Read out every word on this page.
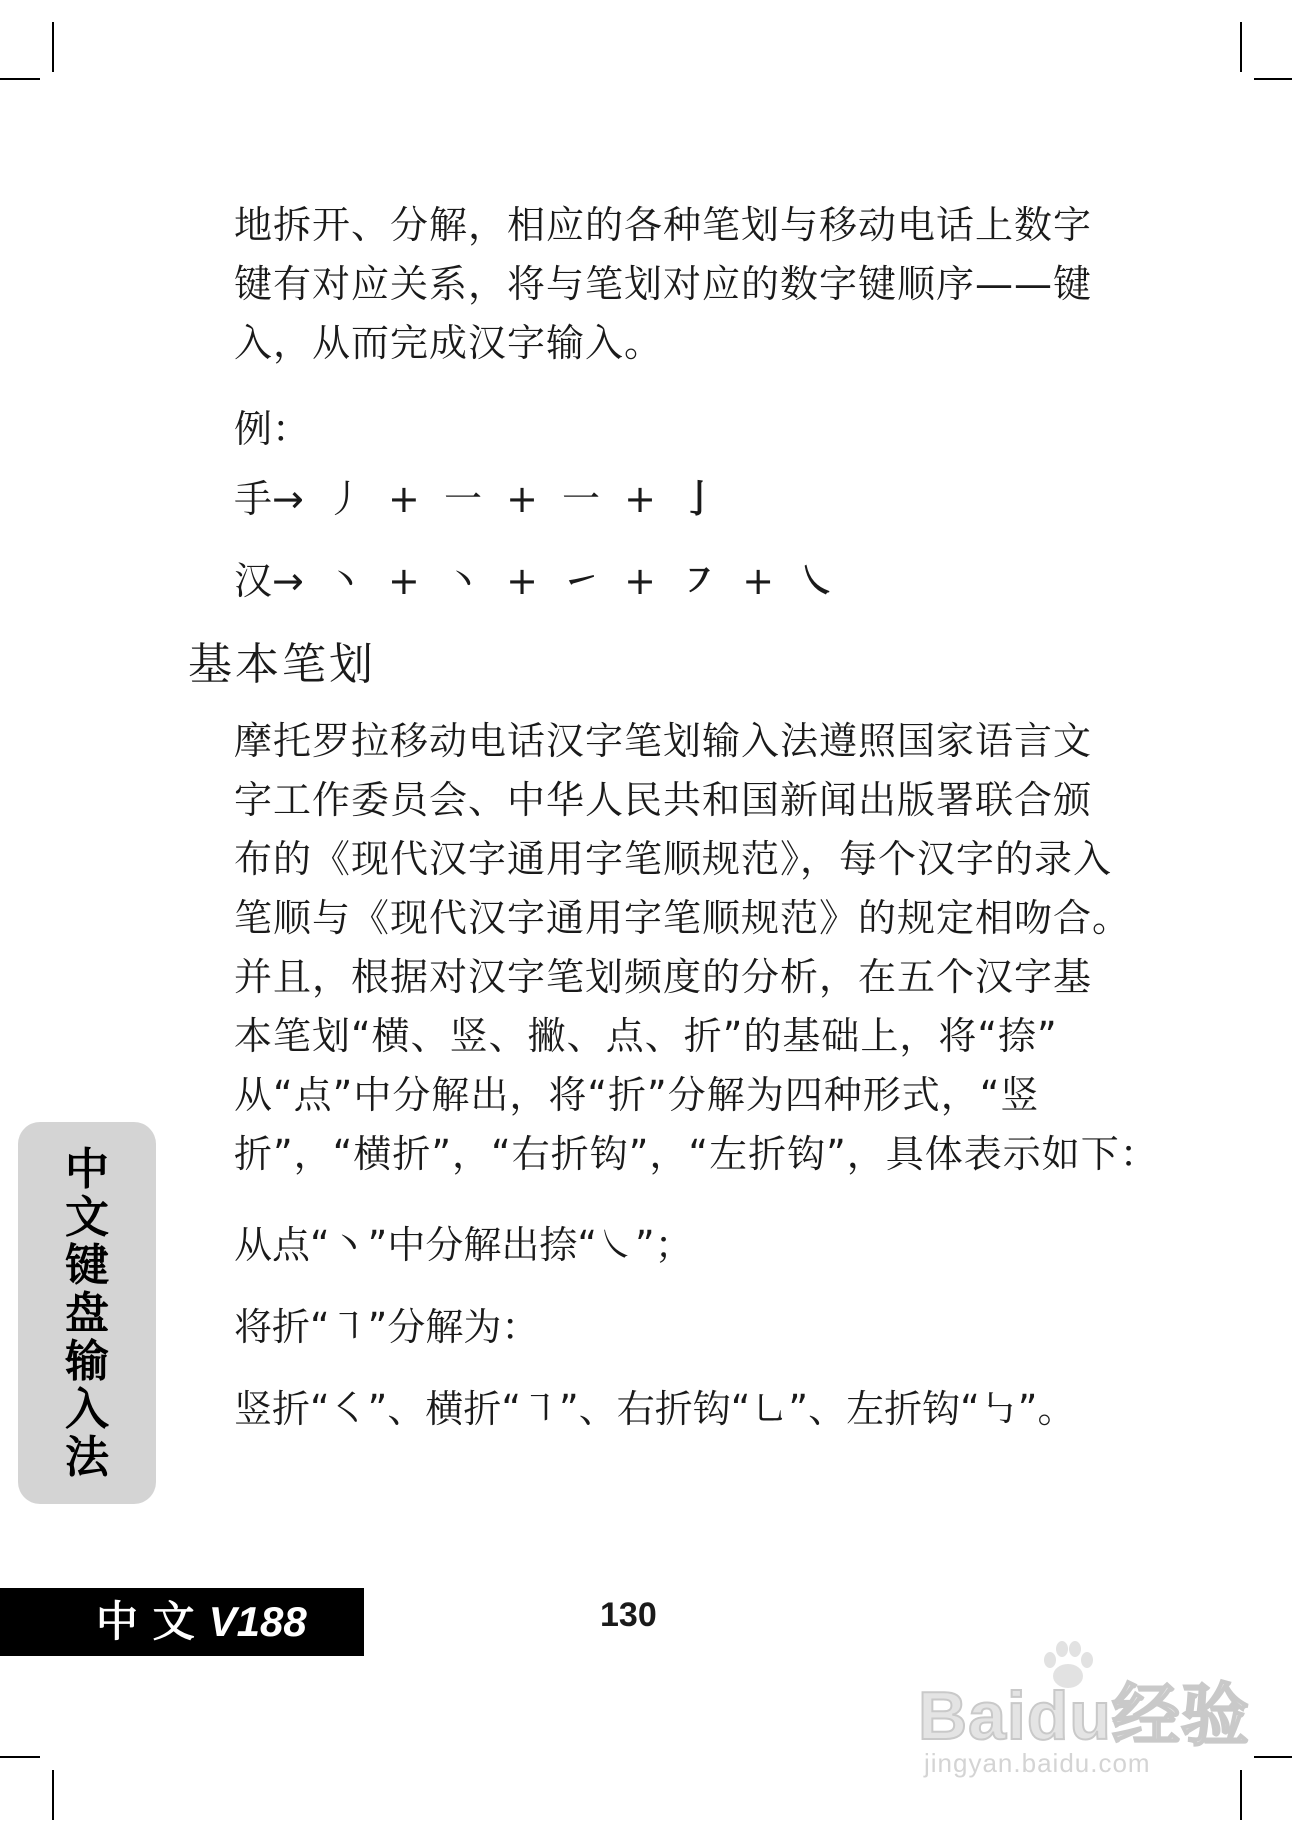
地拆开、分解，相应的各种笔划与移动电话上数字
键有对应关系，将与笔划对应的数字键顺序——键
入，从而完成汉字输入。

例：

手→ 丿 + 一 + 一 + 亅

汉→ 丶 + 丶 + ㇀ + ㇇ + ㇏

基本笔划

摩托罗拉移动电话汉字笔划输入法遵照国家语言文
字工作委员会、中华人民共和国新闻出版署联合颁
布的《现代汉字通用字笔顺规范》，每个汉字的录入
笔顺与《现代汉字通用字笔顺规范》的规定相吻合。
并且，根据对汉字笔划频度的分析，在五个汉字基
本笔划“横、竖、撇、点、折”的基础上，将“捺”
从“点”中分解出，将“折”分解为四种形式，“竖
折”，“横折”，“右折钩”，“左折钩”，具体表示如下：

从点“丶”中分解出捺“㇏”；

将折“㇕”分解为：

竖折“㇛”、横折“㇕”、右折钩“㇟”、左折钩“㇉”。

中
文
键
盘
输
入
法
中 文 V188	130
Baidu经验
jingyan.baidu.com
